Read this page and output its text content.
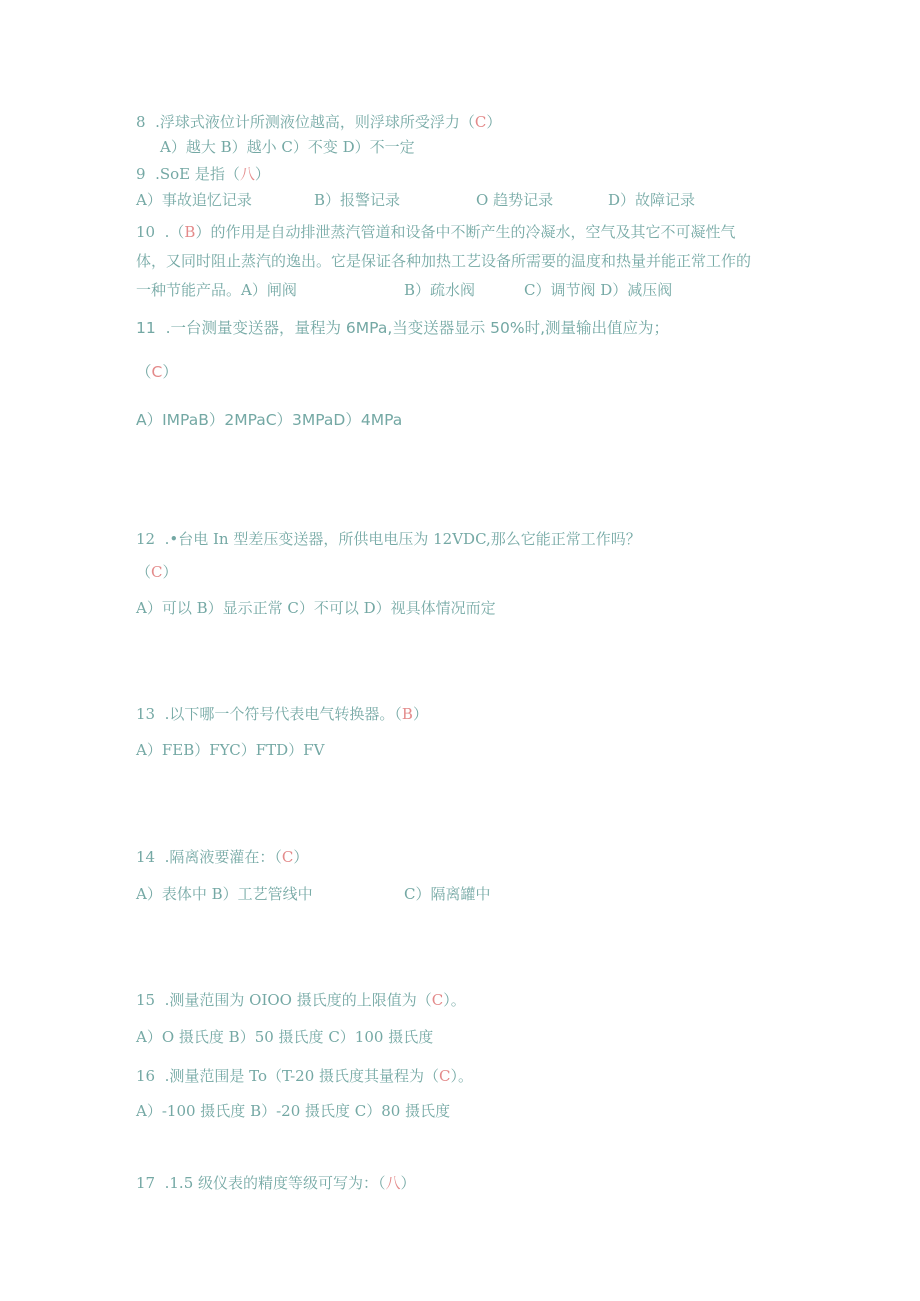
8  .浮球式液位计所测液位越高，则浮球所受浮力（C）
A）越大 B）越小 C）不变 D）不一定
9  .SoE 是指（八）
A）事故追忆记录	B）报警记录	O 趋势记录	D）故障记录
10  .（B）的作用是自动排泄蒸汽管道和设备中不断产生的冷凝水，空气及其它不可凝性气
体，又同时阻止蒸汽的逸出。它是保证各种加热工艺设备所需要的温度和热量并能正常工作的
一种节能产品。A）闸阀	B）疏水阀	C）调节阀 D）减压阀
11  .一台测量变送器，量程为 6MPa,当变送器显示 50%时,测量输出值应为；
（C）
A）IMPaB）2MPaC）3MPaD）4MPa
12  .•台电 In 型差压变送器，所供电电压为 12VDC,那么它能正常工作吗？
（C）
A）可以 B）显示正常 C）不可以 D）视具体情况而定
13  .以下哪一个符号代表电气转换器。（B）
A）FEB）FYC）FTD）FV
14  .隔离液要灌在：（C）
A）表体中 B）工艺管线中	C）隔离罐中
15  .测量范围为 OIOO 摄氏度的上限值为（C）。
A）O 摄氏度 B）50 摄氏度 C）100 摄氏度
16  .测量范围是 To（T-20 摄氏度其量程为（C）。
A）-100 摄氏度 B）-20 摄氏度 C）80 摄氏度
17  .1.5 级仪表的精度等级可写为：（八）
